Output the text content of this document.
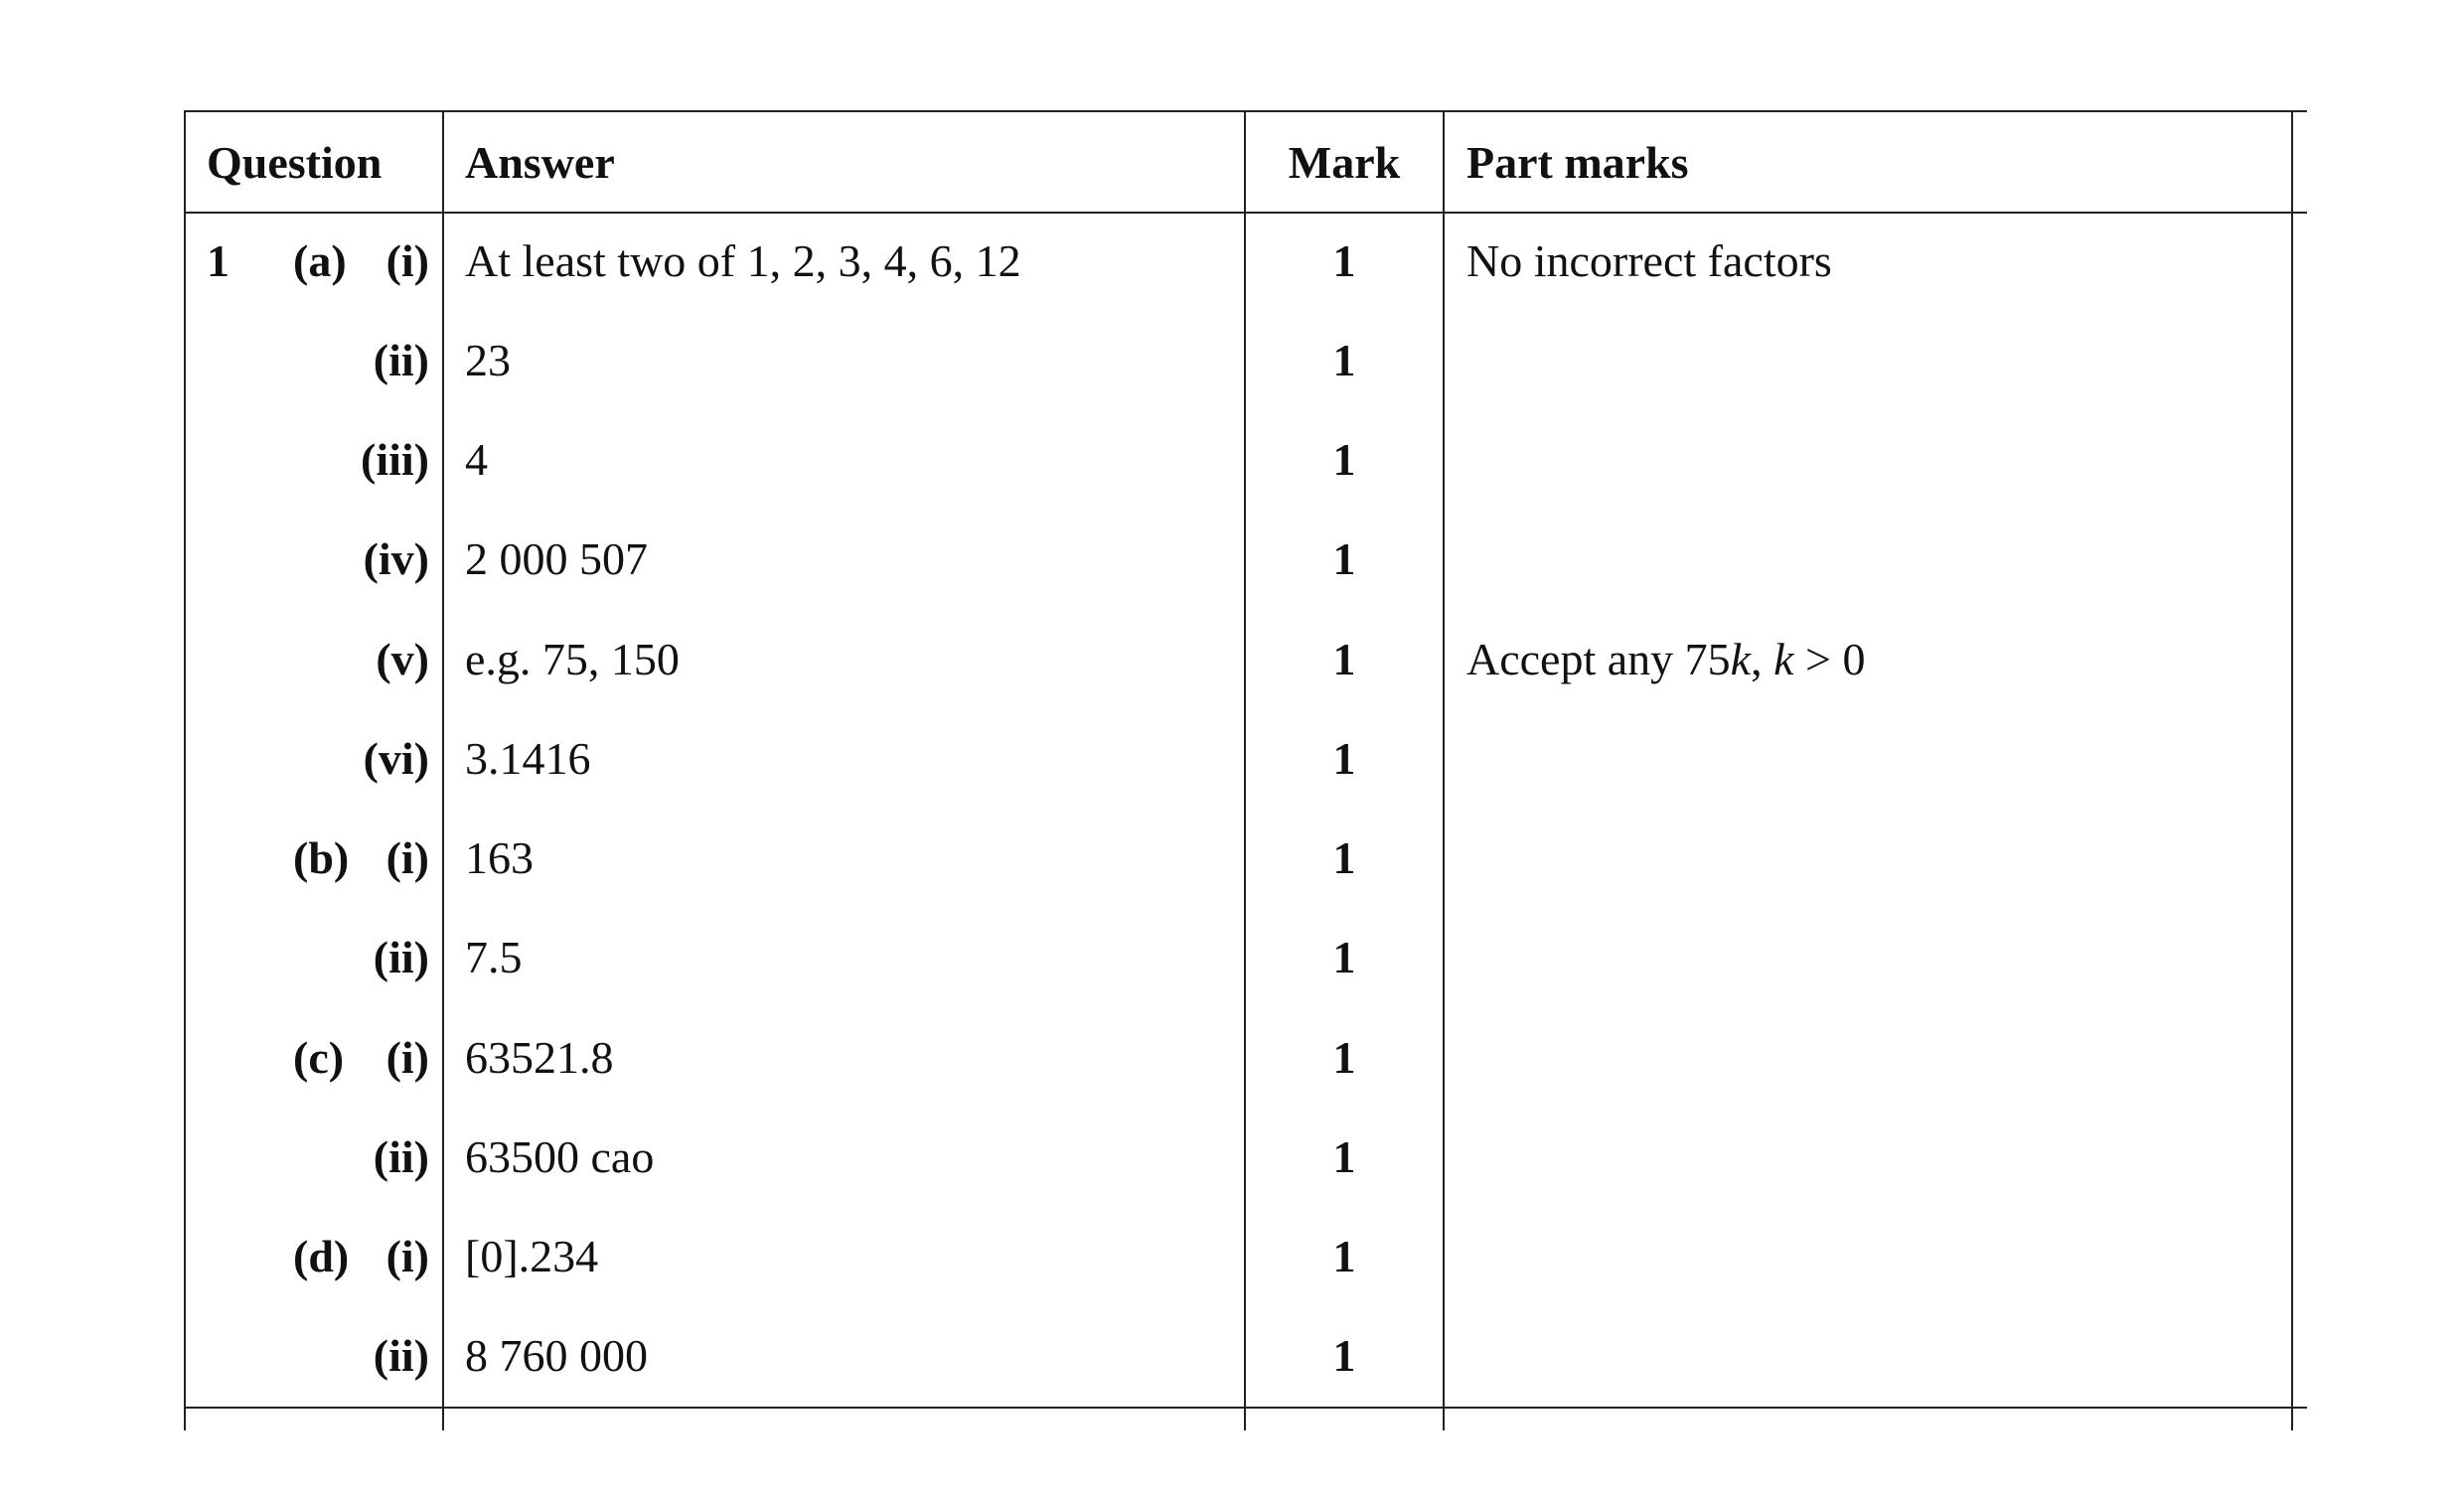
Question Answer	Mark	Part marks
1 (a) (i) At least two of 1, 2, 3, 4, 6, 12	1	No incorrect factors
(ii) 23	1
(iii) 4	1
(iv) 2 000 507	1
(v) e.g. 75, 150	1	Accept any 75k, k > 0
(vi) 3.1416	1
(b) (i) 163	1
(ii) 7.5	1
(c) (i) 63521.8	1
(ii) 63500 cao	1
(d) (i) [0].234	1
(ii) 8 760 000	1
